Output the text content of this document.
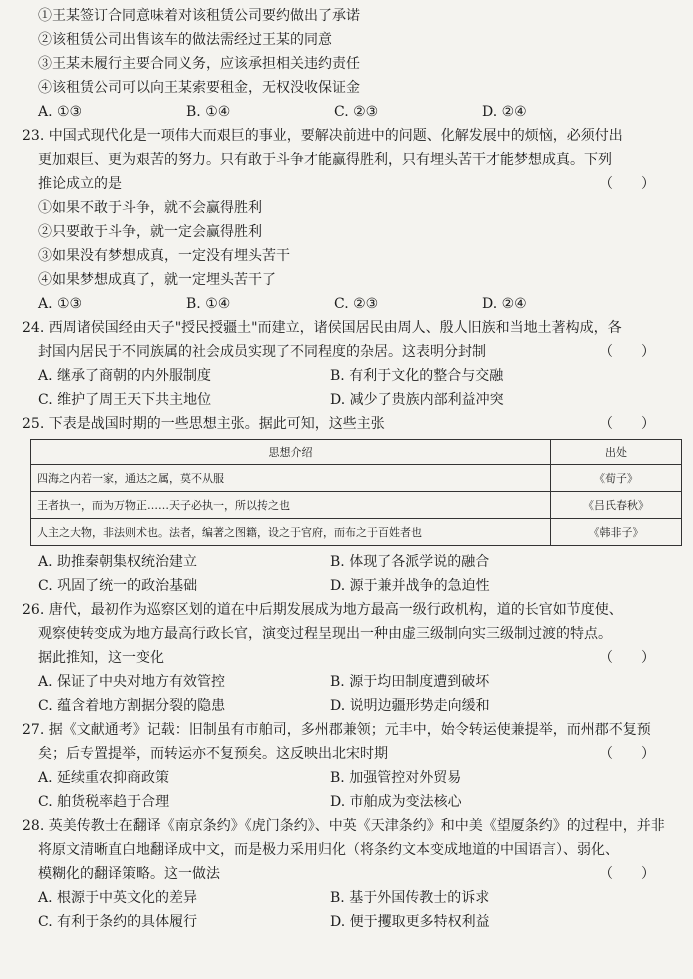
①王某签订合同意味着对该租赁公司要约做出了承诺
②该租赁公司出售该车的做法需经过王某的同意
③王某未履行主要合同义务，应该承担相关违约责任
④该租赁公司可以向王某索要租金，无权没收保证金
A. ①③	B. ①④	C. ②③	D. ②④
23. 中国式现代化是一项伟大而艰巨的事业，要解决前进中的问题、化解发展中的烦恼，必须付出
更加艰巨、更为艰苦的努力。只有敢于斗争才能赢得胜利，只有埋头苦干才能梦想成真。下列
推论成立的是	（　　）
①如果不敢于斗争，就不会赢得胜利
②只要敢于斗争，就一定会赢得胜利
③如果没有梦想成真，一定没有埋头苦干
④如果梦想成真了，就一定埋头苦干了
A. ①③	B. ①④	C. ②③	D. ②④
24. 西周诸侯国经由天子"授民授疆土"而建立，诸侯国居民由周人、殷人旧族和当地土著构成，各
封国内居民于不同族属的社会成员实现了不同程度的杂居。这表明分封制	（　　）
A. 继承了商朝的内外服制度	B. 有利于文化的整合与交融
C. 维护了周王天下共主地位	D. 减少了贵族内部利益冲突
25. 下表是战国时期的一些思想主张。据此可知，这些主张	（　　）
思想介绍	出处
四海之内若一家，通达之属，莫不从服	《荀子》
王者执一，而为万物正……天子必执一，所以抟之也	《吕氏春秋》
人主之大物，非法则术也。法者，编著之图籍，设之于官府，而布之于百姓者也	《韩非子》
A. 助推秦朝集权统治建立	B. 体现了各派学说的融合
C. 巩固了统一的政治基础	D. 源于兼并战争的急迫性
26. 唐代，最初作为巡察区划的道在中后期发展成为地方最高一级行政机构，道的长官如节度使、
观察使转变成为地方最高行政长官，演变过程呈现出一种由虚三级制向实三级制过渡的特点。
据此推知，这一变化	（　　）
A. 保证了中央对地方有效管控	B. 源于均田制度遭到破坏
C. 蕴含着地方割据分裂的隐患	D. 说明边疆形势走向缓和
27. 据《文献通考》记载：旧制虽有市舶司，多州郡兼领；元丰中，始令转运使兼提举，而州郡不复预
矣；后专置提举，而转运亦不复预矣。这反映出北宋时期	（　　）
A. 延续重农抑商政策	B. 加强管控对外贸易
C. 舶货税率趋于合理	D. 市舶成为变法核心
28. 英美传教士在翻译《南京条约》《虎门条约》、中英《天津条约》和中美《望厦条约》的过程中，并非
将原文清晰直白地翻译成中文，而是极力采用归化（将条约文本变成地道的中国语言）、弱化、
模糊化的翻译策略。这一做法	（　　）
A. 根源于中英文化的差异	B. 基于外国传教士的诉求
C. 有利于条约的具体履行	D. 便于攫取更多特权利益
